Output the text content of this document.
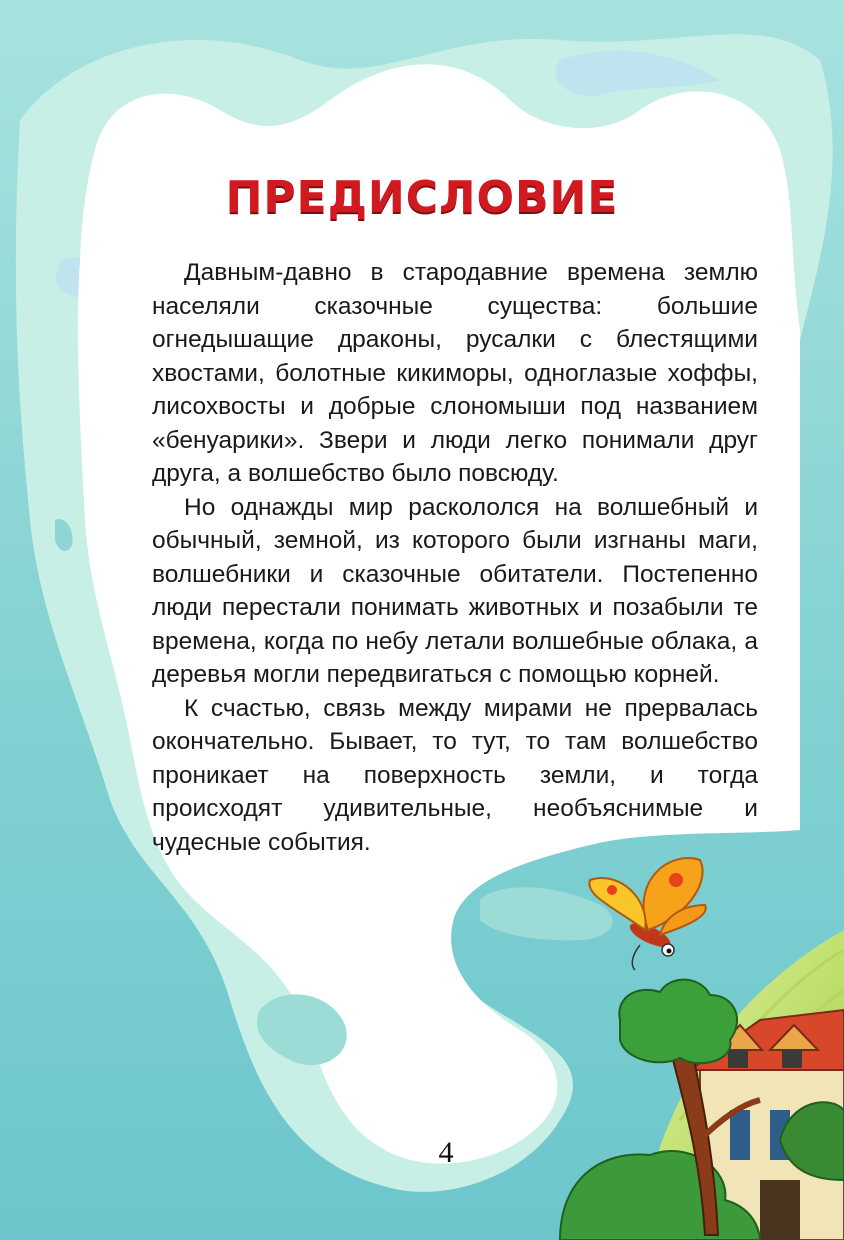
ПРЕДИСЛОВИЕ

Давным-давно в стародавние времена землю населяли сказочные существа: большие огнедышащие драконы, русалки с блестящими хвостами, болотные кикиморы, одноглазые хоффы, лисохвосты и добрые слономыши под названием «бенуарики». Звери и люди легко понимали друг друга, а волшебство было повсюду.

Но однажды мир раскололся на волшебный и обычный, земной, из которого были изгнаны маги, волшебники и сказочные обитатели. Постепенно люди перестали понимать животных и позабыли те времена, когда по небу летали волшебные облака, а деревья могли передвигаться с помощью корней.

К счастью, связь между мирами не прервалась окончательно. Бывает, то тут, то там волшебство проникает на поверхность земли, и тогда происходят удивительные, необъяснимые и чудесные события.

4
